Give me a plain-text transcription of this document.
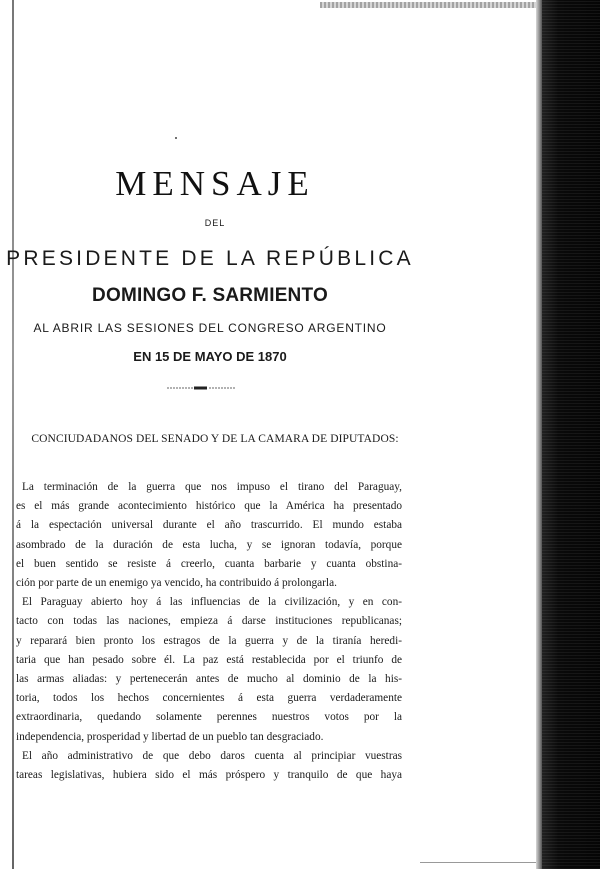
MENSAJE
DEL
PRESIDENTE DE LA REPÚBLICA
DOMINGO F. SARMIENTO
AL ABRIR LAS SESIONES DEL CONGRESO ARGENTINO
EN 15 DE MAYO DE 1870
CONCIUDADANOS DEL SENADO Y DE LA CAMARA DE DIPUTADOS:
La terminación de la guerra que nos impuso el tirano del Paraguay,
es el más grande acontecimiento histórico que la América ha presentado
á la espectación universal durante el año trascurrido. El mundo estaba
asombrado de la duración de esta lucha, y se ignoran todavía, porque
el buen sentido se resiste á creerlo, cuanta barbarie y cuanta obstina-
ción por parte de un enemigo ya vencido, ha contribuido á prolongarla.
El Paraguay abierto hoy á las influencias de la civilización, y en con-
tacto con todas las naciones, empieza á darse instituciones republicanas;
y reparará bien pronto los estragos de la guerra y de la tiranía heredi-
taria que han pesado sobre él. La paz está restablecida por el triunfo de
las armas aliadas: y pertenecerán antes de mucho al dominio de la his-
toria, todos los hechos concernientes á esta guerra verdaderamente
extraordinaria, quedando solamente perennes nuestros votos por la
independencia, prosperidad y libertad de un pueblo tan desgraciado.
El año administrativo de que debo daros cuenta al principiar vuestras
tareas legislativas, hubiera sido el más próspero y tranquilo de que haya
